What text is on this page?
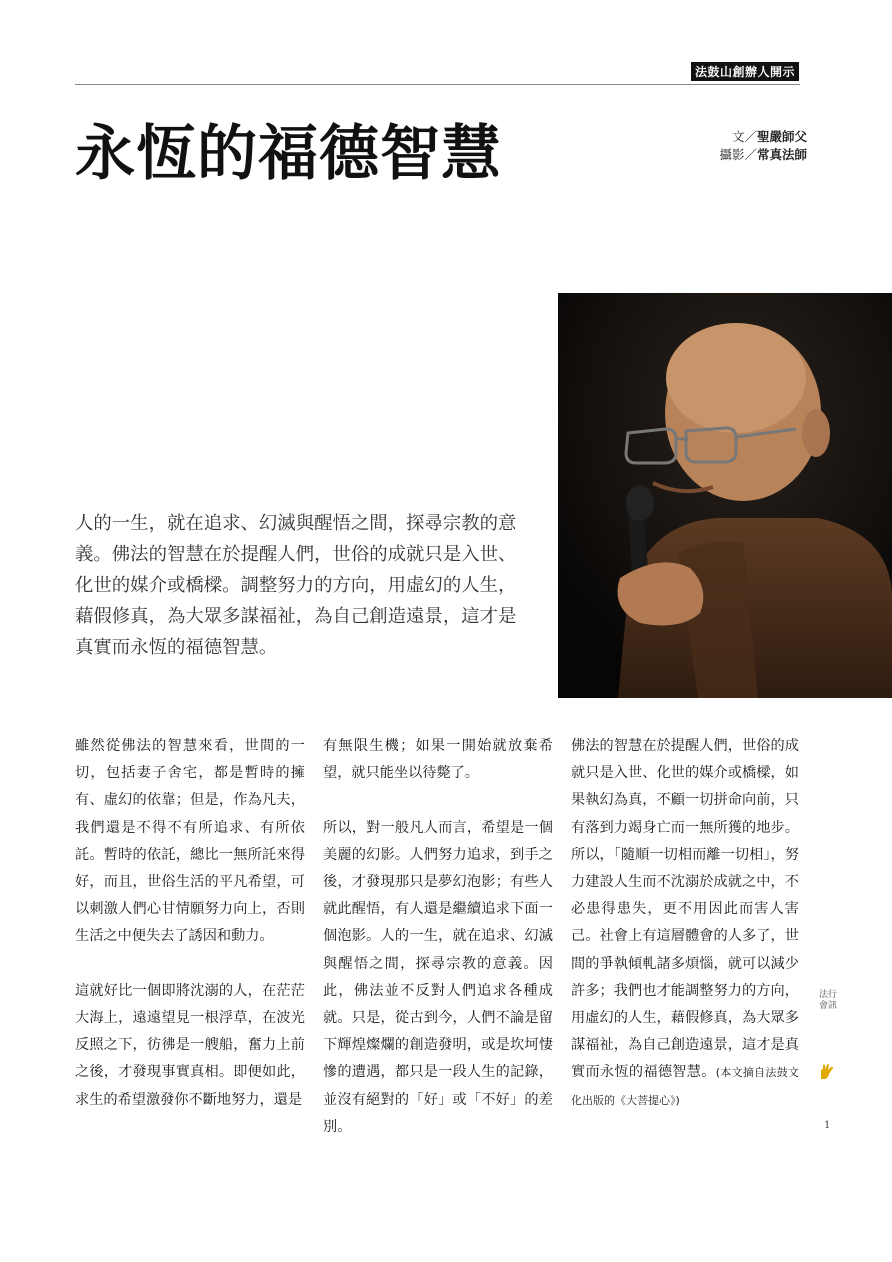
法鼓山創辦人開示
永恆的福德智慧	文／聖嚴師父
攝影／常真法師

人的一生，就在追求、幻滅與醒悟之間，探尋宗教的意義。佛法的智慧在於提醒人們，世俗的成就只是入世、化世的媒介或橋樑。調整努力的方向，用虛幻的人生，藉假修真，為大眾多謀福祉，為自己創造遠景，這才是真實而永恆的福德智慧。

雖然從佛法的智慧來看，世間的一切，包括妻子舍宅，都是暫時的擁有、虛幻的依靠；但是，作為凡夫，我們還是不得不有所追求、有所依託。暫時的依託，總比一無所託來得好，而且，世俗生活的平凡希望，可以刺激人們心甘情願努力向上，否則生活之中便失去了誘因和動力。

這就好比一個即將沈溺的人，在茫茫大海上，遠遠望見一根浮草，在波光反照之下，彷彿是一艘船，奮力上前之後，才發現事實真相。即便如此，求生的希望激發你不斷地努力，還是

有無限生機；如果一開始就放棄希望，就只能坐以待斃了。

所以，對一般凡人而言，希望是一個美麗的幻影。人們努力追求，到手之後，才發現那只是夢幻泡影；有些人就此醒悟，有人還是繼續追求下面一個泡影。人的一生，就在追求、幻滅與醒悟之間，探尋宗教的意義。因此，佛法並不反對人們追求各種成就。只是，從古到今，人們不論是留下輝煌燦爛的創造發明，或是坎坷悽慘的遭遇，都只是一段人生的記錄，並沒有絕對的「好」或「不好」的差別。

佛法的智慧在於提醒人們，世俗的成就只是入世、化世的媒介或橋樑，如果執幻為真，不顧一切拼命向前，只有落到力竭身亡而一無所獲的地步。所以，「隨順一切相而離一切相」，努力建設人生而不沈溺於成就之中，不必患得患失，更不用因此而害人害己。社會上有這層體會的人多了，世間的爭執傾軋諸多煩惱，就可以減少許多；我們也才能調整努力的方向，用虛幻的人生，藉假修真，為大眾多謀福祉，為自己創造遠景，這才是真實而永恆的福德智慧。(本文摘自法鼓文化出版的《大菩提心》)

法行會訊
1
